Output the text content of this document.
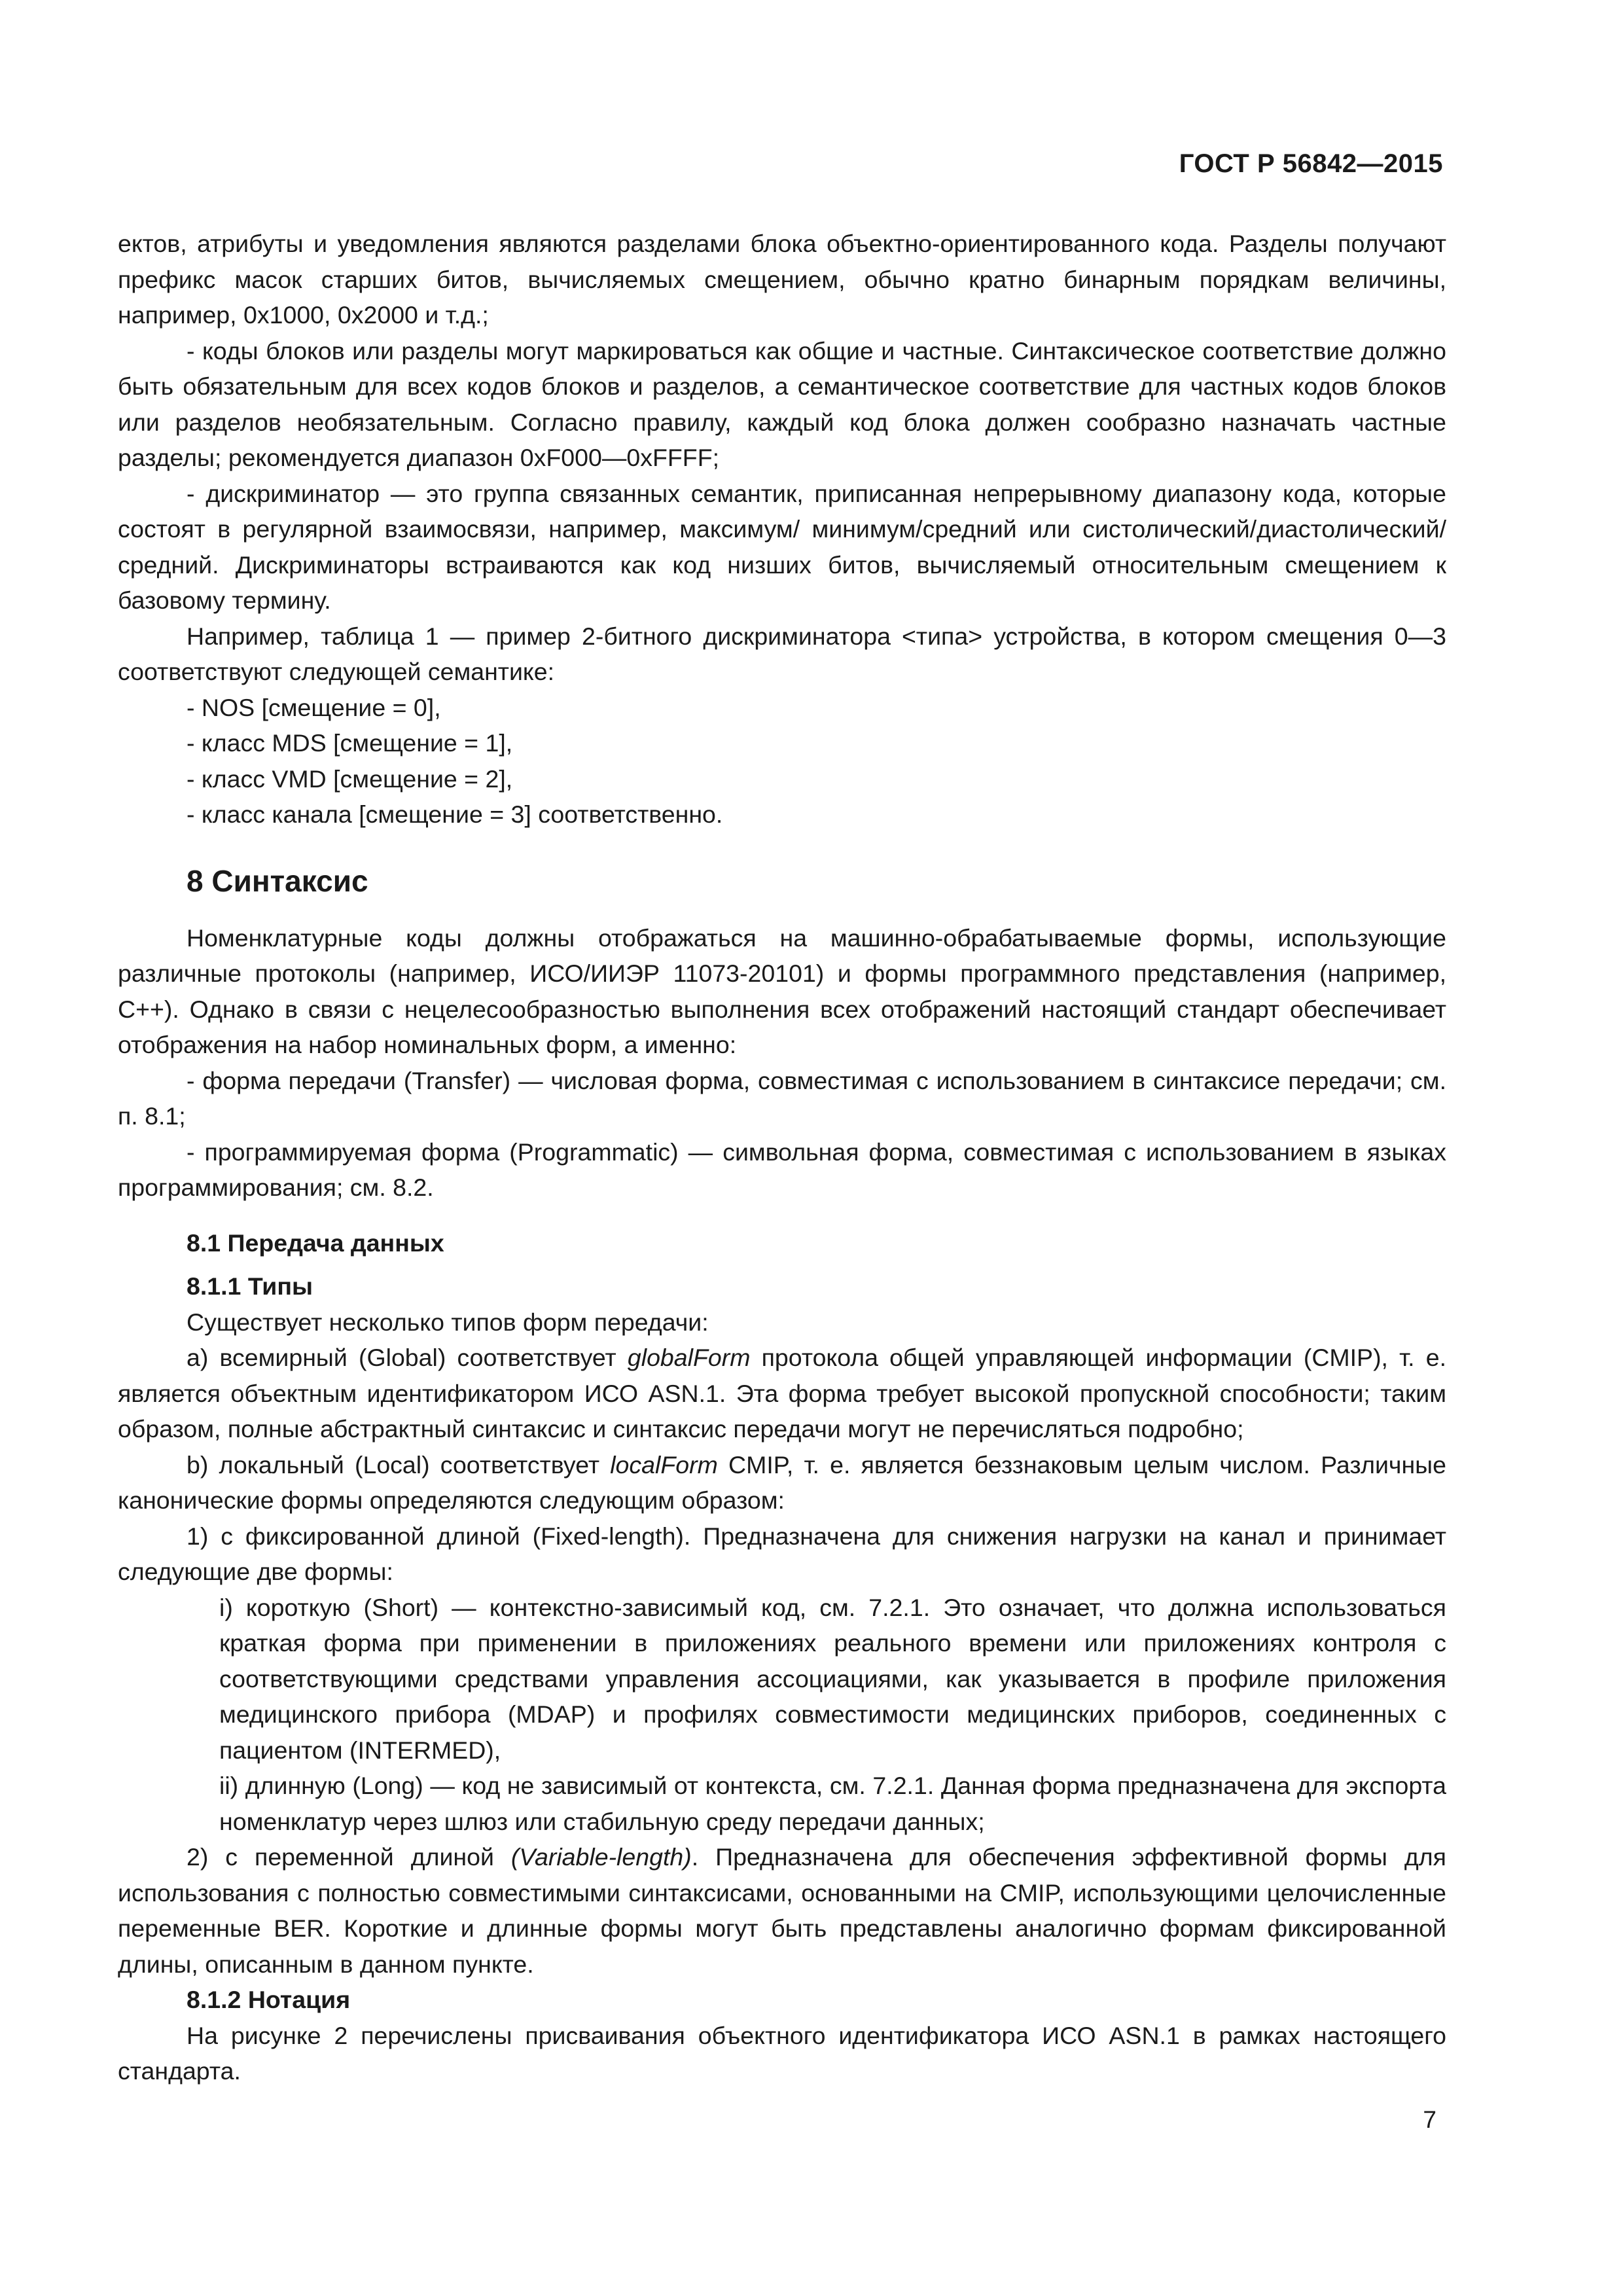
ГОСТ Р 56842—2015

ектов, атрибуты и уведомления являются разделами блока объектно-ориентированного кода. Разделы получают префикс масок старших битов, вычисляемых смещением, обычно кратно бинарным порядкам величины, например, 0x1000, 0x2000 и т.д.;

- коды блоков или разделы могут маркироваться как общие и частные. Синтаксическое соответствие должно быть обязательным для всех кодов блоков и разделов, а семантическое соответствие для частных кодов блоков или разделов необязательным. Согласно правилу, каждый код блока должен сообразно назначать частные разделы; рекомендуется диапазон 0xF000—0xFFFF;

- дискриминатор — это группа связанных семантик, приписанная непрерывному диапазону кода, которые состоят в регулярной взаимосвязи, например, максимум/ минимум/средний или систолический/диастолический/средний. Дискриминаторы встраиваются как код низших битов, вычисляемый относительным смещением к базовому термину.

Например, таблица 1 — пример 2-битного дискриминатора <типа> устройства, в котором смещения 0—3 соответствуют следующей семантике:

- NOS [смещение = 0],

- класс MDS [смещение = 1],

- класс VMD [смещение = 2],

- класс канала [смещение = 3] соответственно.

8 Синтаксис

Номенклатурные коды должны отображаться на машинно-обрабатываемые формы, использующие различные протоколы (например, ИСО/ИИЭР 11073-20101) и формы программного представления (например, С++). Однако в связи с нецелесообразностью выполнения всех отображений настоящий стандарт обеспечивает отображения на набор номинальных форм, а именно:

- форма передачи (Transfer) — числовая форма, совместимая с использованием в синтаксисе передачи; см. п. 8.1;

- программируемая форма (Programmatic) — символьная форма, совместимая с использованием в языках программирования; см. 8.2.

8.1 Передача данных
8.1.1 Типы

Существует несколько типов форм передачи:

а) всемирный (Global) соответствует globalForm протокола общей управляющей информации (CMIP), т. е. является объектным идентификатором ИСО ASN.1. Эта форма требует высокой пропускной способности; таким образом, полные абстрактный синтаксис и синтаксис передачи могут не перечисляться подробно;

b) локальный (Local) соответствует localForm CMIP, т. е. является беззнаковым целым числом. Различные канонические формы определяются следующим образом:

1) с фиксированной длиной (Fixed-length). Предназначена для снижения нагрузки на канал и принимает следующие две формы:

i) короткую (Short) — контекстно-зависимый код, см. 7.2.1. Это означает, что должна использоваться краткая форма при применении в приложениях реального времени или приложениях контроля с соответствующими средствами управления ассоциациями, как указывается в профиле приложения медицинского прибора (MDAP) и профилях совместимости медицинских приборов, соединенных с пациентом (INTERMED),

ii) длинную (Long) — код не зависимый от контекста, см. 7.2.1. Данная форма предназначена для экспорта номенклатур через шлюз или стабильную среду передачи данных;

2) с переменной длиной (Variable-length). Предназначена для обеспечения эффективной формы для использования с полностью совместимыми синтаксисами, основанными на CMIP, использующими целочисленные переменные BER. Короткие и длинные формы могут быть представлены аналогично формам фиксированной длины, описанным в данном пункте.

8.1.2 Нотация

На рисунке 2 перечислены присваивания объектного идентификатора ИСО ASN.1 в рамках настоящего стандарта.

7
